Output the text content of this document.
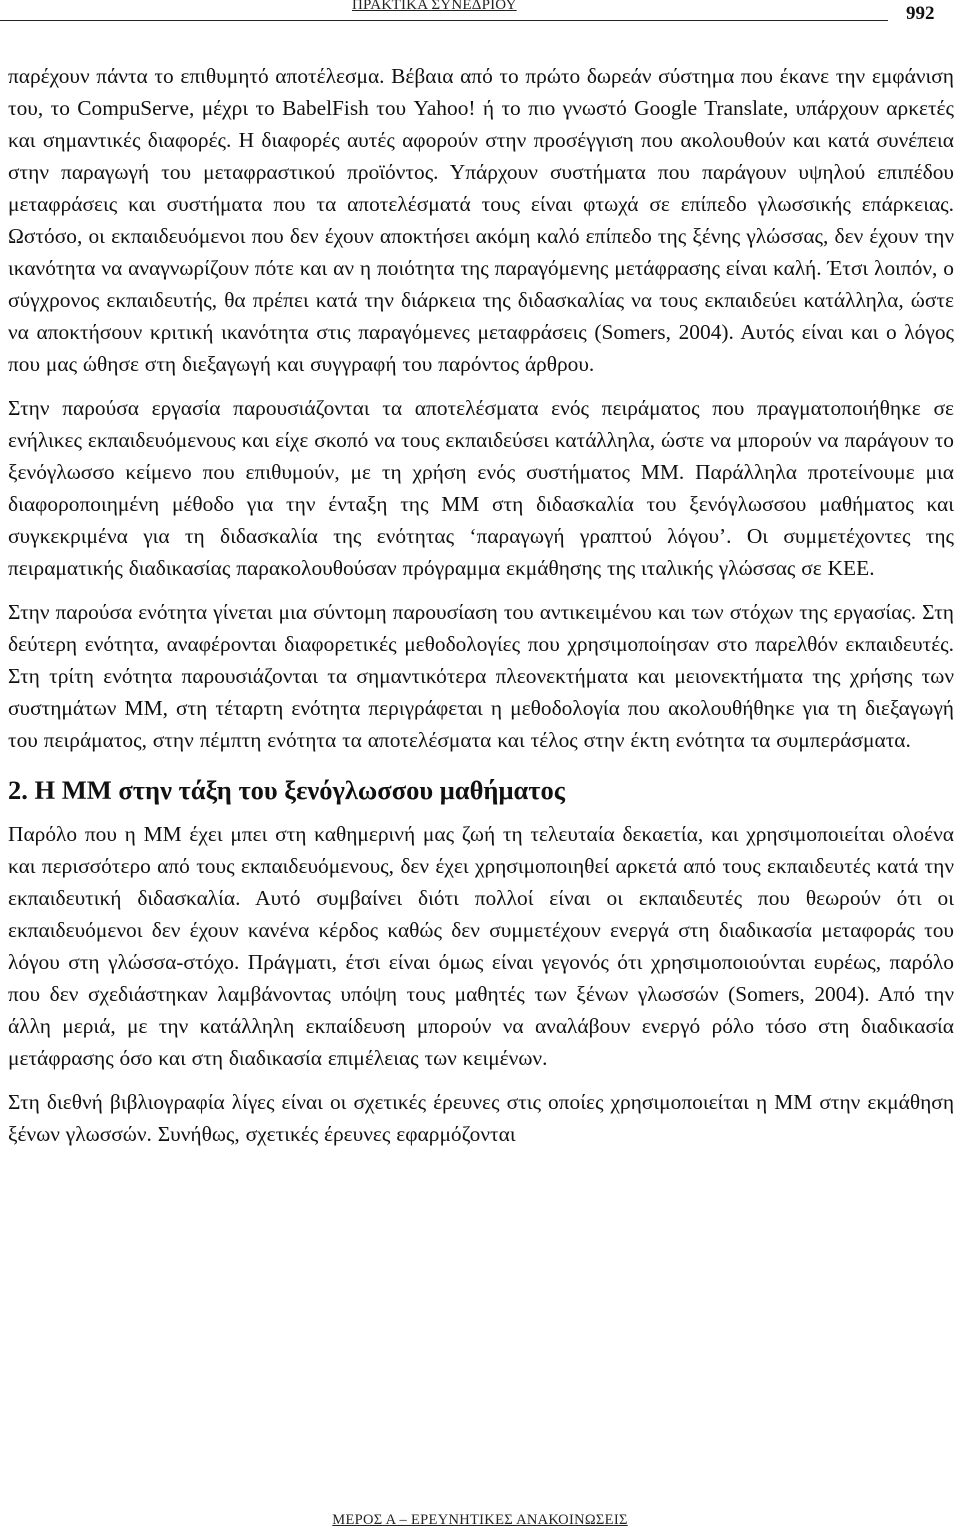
ΠΡΑΚΤΙΚΑ ΣΥΝΕΔΡΙΟΥ	992

παρέχουν πάντα το επιθυμητό αποτέλεσμα. Βέβαια από το πρώτο δωρεάν σύστημα που έκανε την εμφάνιση του, το CompuServe, μέχρι το BabelFish του Yahoo! ή το πιο γνωστό Google Translate, υπάρχουν αρκετές και σημαντικές διαφορές. Η διαφορές αυτές αφορούν στην προσέγγιση που ακολουθούν και κατά συνέπεια στην παραγωγή του μεταφραστικού προϊόντος. Υπάρχουν συστήματα που παράγουν υψηλού επιπέδου μεταφράσεις και συστήματα που τα αποτελέσματά τους είναι φτωχά σε επίπεδο γλωσσικής επάρκειας. Ωστόσο, οι εκπαιδευόμενοι που δεν έχουν αποκτήσει ακόμη καλό επίπεδο της ξένης γλώσσας, δεν έχουν την ικανότητα να αναγνωρίζουν πότε και αν η ποιότητα της παραγόμενης μετάφρασης είναι καλή. Έτσι λοιπόν, ο σύγχρονος εκπαιδευτής, θα πρέπει κατά την διάρκεια της διδασκαλίας να τους εκπαιδεύει κατάλληλα, ώστε να αποκτήσουν κριτική ικανότητα στις παραγόμενες μεταφράσεις (Somers, 2004). Αυτός είναι και ο λόγος που μας ώθησε στη διεξαγωγή και συγγραφή του παρόντος άρθρου.

Στην παρούσα εργασία παρουσιάζονται τα αποτελέσματα ενός πειράματος που πραγματοποιήθηκε σε ενήλικες εκπαιδευόμενους και είχε σκοπό να τους εκπαιδεύσει κατάλληλα, ώστε να μπορούν να παράγουν το ξενόγλωσσο κείμενο που επιθυμούν, με τη χρήση ενός συστήματος ΜΜ. Παράλληλα προτείνουμε μια διαφοροποιημένη μέθοδο για την ένταξη της ΜΜ στη διδασκαλία του ξενόγλωσσου μαθήματος και συγκεκριμένα για τη διδασκαλία της ενότητας ‘παραγωγή γραπτού λόγου’. Οι συμμετέχοντες της πειραματικής διαδικασίας παρακολουθούσαν πρόγραμμα εκμάθησης της ιταλικής γλώσσας σε ΚΕΕ.

Στην παρούσα ενότητα γίνεται μια σύντομη παρουσίαση του αντικειμένου και των στόχων της εργασίας. Στη δεύτερη ενότητα, αναφέρονται διαφορετικές μεθοδολογίες που χρησιμοποίησαν στο παρελθόν εκπαιδευτές. Στη τρίτη ενότητα παρουσιάζονται τα σημαντικότερα πλεονεκτήματα και μειονεκτήματα της χρήσης των συστημάτων ΜΜ, στη τέταρτη ενότητα περιγράφεται η μεθοδολογία που ακολουθήθηκε για τη διεξαγωγή του πειράματος, στην πέμπτη ενότητα τα αποτελέσματα και τέλος στην έκτη ενότητα τα συμπεράσματα.

2. Η ΜΜ στην τάξη του ξενόγλωσσου μαθήματος

Παρόλο που η ΜΜ έχει μπει στη καθημερινή μας ζωή τη τελευταία δεκαετία, και χρησιμοποιείται ολοένα και περισσότερο από τους εκπαιδευόμενους, δεν έχει χρησιμοποιηθεί αρκετά από τους εκπαιδευτές κατά την εκπαιδευτική διδασκαλία. Αυτό συμβαίνει διότι πολλοί είναι οι εκπαιδευτές που θεωρούν ότι οι εκπαιδευόμενοι δεν έχουν κανένα κέρδος καθώς δεν συμμετέχουν ενεργά στη διαδικασία μεταφοράς του λόγου στη γλώσσα-στόχο. Πράγματι, έτσι είναι όμως είναι γεγονός ότι χρησιμοποιούνται ευρέως, παρόλο που δεν σχεδιάστηκαν λαμβάνοντας υπόψη τους μαθητές των ξένων γλωσσών (Somers, 2004). Από την άλλη μεριά, με την κατάλληλη εκπαίδευση μπορούν να αναλάβουν ενεργό ρόλο τόσο στη διαδικασία μετάφρασης όσο και στη διαδικασία επιμέλειας των κειμένων.

Στη διεθνή βιβλιογραφία λίγες είναι οι σχετικές έρευνες στις οποίες χρησιμοποιείται η ΜΜ στην εκμάθηση ξένων γλωσσών. Συνήθως, σχετικές έρευνες εφαρμόζονται

ΜΕΡΟΣ Α – ΕΡΕΥΝΗΤΙΚΕΣ ΑΝΑΚΟΙΝΩΣΕΙΣ
